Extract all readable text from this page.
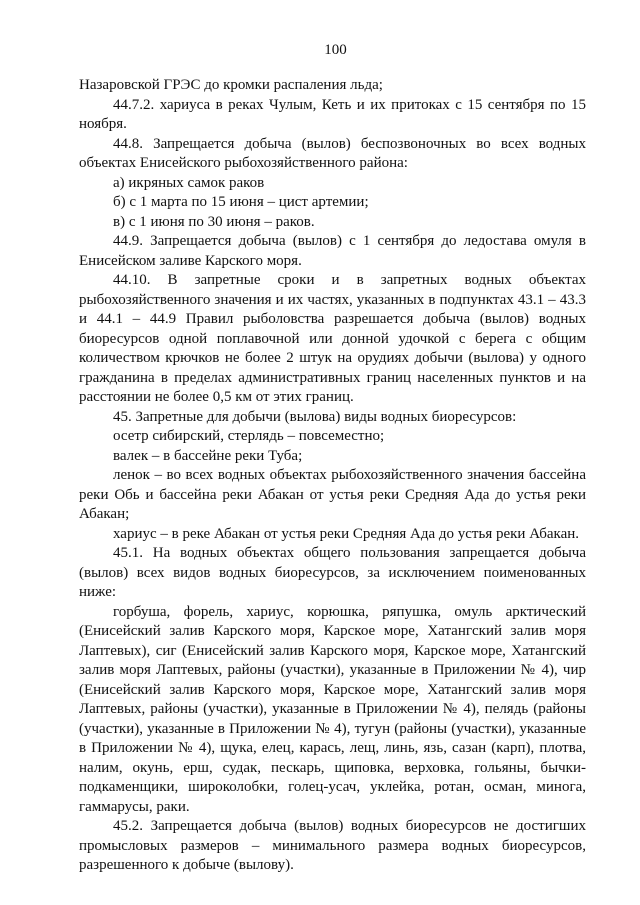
100

Назаровской ГРЭС до кромки распаления льда;

44.7.2. хариуса в реках Чулым, Кеть и их притоках с 15 сентября по 15 ноября.

44.8. Запрещается добыча (вылов) беспозвоночных во всех водных объектах Енисейского рыбохозяйственного района:

а) икряных самок раков

б) с 1 марта по 15 июня – цист артемии;

в) с 1 июня по 30 июня – раков.

44.9. Запрещается добыча (вылов) с 1 сентября до ледостава омуля в Енисейском заливе Карского моря.

44.10. В запретные сроки и в запретных водных объектах рыбохозяйственного значения и их частях, указанных в подпунктах 43.1 – 43.3 и 44.1 – 44.9 Правил рыболовства разрешается добыча (вылов) водных биоресурсов одной поплавочной или донной удочкой с берега с общим количеством крючков не более 2 штук на орудиях добычи (вылова) у одного гражданина в пределах административных границ населенных пунктов и на расстоянии не более 0,5 км от этих границ.

45. Запретные для добычи (вылова) виды водных биоресурсов:

осетр сибирский, стерлядь – повсеместно;

валек – в бассейне реки Туба;

ленок – во всех водных объектах рыбохозяйственного значения бассейна реки Обь и бассейна реки Абакан от устья реки Средняя Ада до устья реки Абакан;

хариус – в реке Абакан от устья реки Средняя Ада до устья реки Абакан.

45.1. На водных объектах общего пользования запрещается добыча (вылов) всех видов водных биоресурсов, за исключением поименованных ниже:

горбуша, форель, хариус, корюшка, ряпушка, омуль арктический (Енисейский залив Карского моря, Карское море, Хатангский залив моря Лаптевых), сиг (Енисейский залив Карского моря, Карское море, Хатангский залив моря Лаптевых, районы (участки), указанные в Приложении № 4), чир (Енисейский залив Карского моря, Карское море, Хатангский залив моря Лаптевых, районы (участки), указанные в Приложении № 4), пелядь (районы (участки), указанные в Приложении № 4), тугун (районы (участки), указанные в Приложении № 4), щука, елец, карась, лещ, линь, язь, сазан (карп), плотва, налим, окунь, ерш, судак, пескарь, щиповка, верховка, гольяны, бычки-подкаменщики, широколобки, голец-усач, уклейка, ротан, осман, минога, гаммарусы, раки.

45.2. Запрещается добыча (вылов) водных биоресурсов не достигших промысловых размеров – минимального размера водных биоресурсов, разрешенного к добыче (вылову).
